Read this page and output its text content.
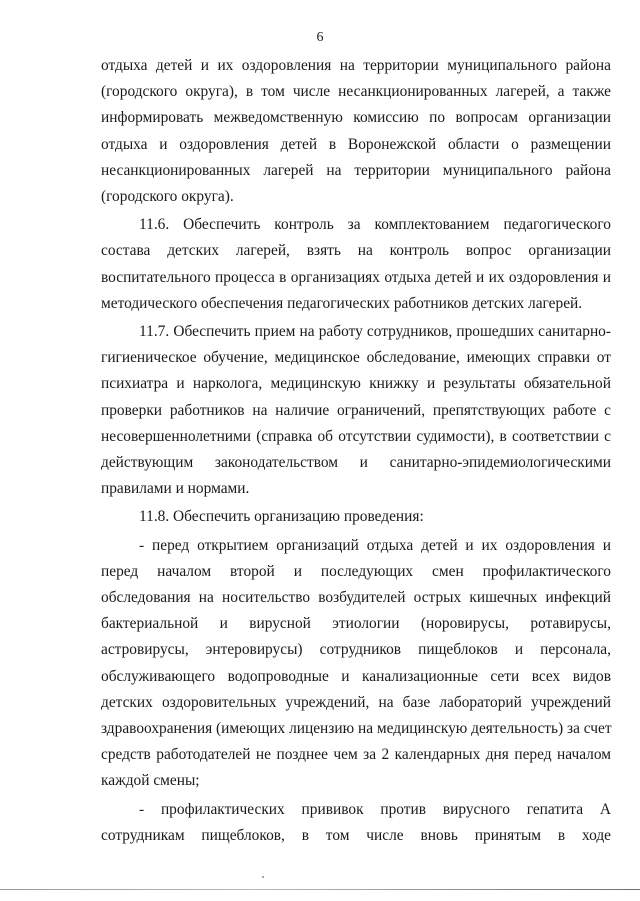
6

отдыха детей и их оздоровления на территории муниципального района
(городского округа), в том числе несанкционированных лагерей, а также
информировать межведомственную комиссию по вопросам организации
отдыха и оздоровления детей в Воронежской области о размещении
несанкционированных лагерей на территории муниципального района
(городского округа).

11.6. Обеспечить контроль за комплектованием педагогического
состава детских лагерей, взять на контроль вопрос организации
воспитательного процесса в организациях отдыха детей и их оздоровления и
методического обеспечения педагогических работников детских лагерей.

11.7. Обеспечить прием на работу сотрудников, прошедших санитарно-
гигиеническое обучение, медицинское обследование, имеющих справки от
психиатра и нарколога, медицинскую книжку и результаты обязательной
проверки работников на наличие ограничений, препятствующих работе с
несовершеннолетними (справка об отсутствии судимости), в соответствии с
действующим законодательством и санитарно-эпидемиологическими
правилами и нормами.

11.8. Обеспечить организацию проведения:

- перед открытием организаций отдыха детей и их оздоровления и
перед началом второй и последующих смен профилактического
обследования на носительство возбудителей острых кишечных инфекций
бактериальной и вирусной этиологии (норовирусы, ротавирусы,
астровирусы, энтеровирусы) сотрудников пищеблоков и персонала,
обслуживающего водопроводные и канализационные сети всех видов
детских оздоровительных учреждений, на базе лабораторий учреждений
здравоохранения (имеющих лицензию на медицинскую деятельность) за счет
средств работодателей не позднее чем за 2 календарных дня перед началом
каждой смены;

- профилактических прививок против вирусного гепатита А
сотрудникам пищеблоков, в том числе вновь принятым в ходе
